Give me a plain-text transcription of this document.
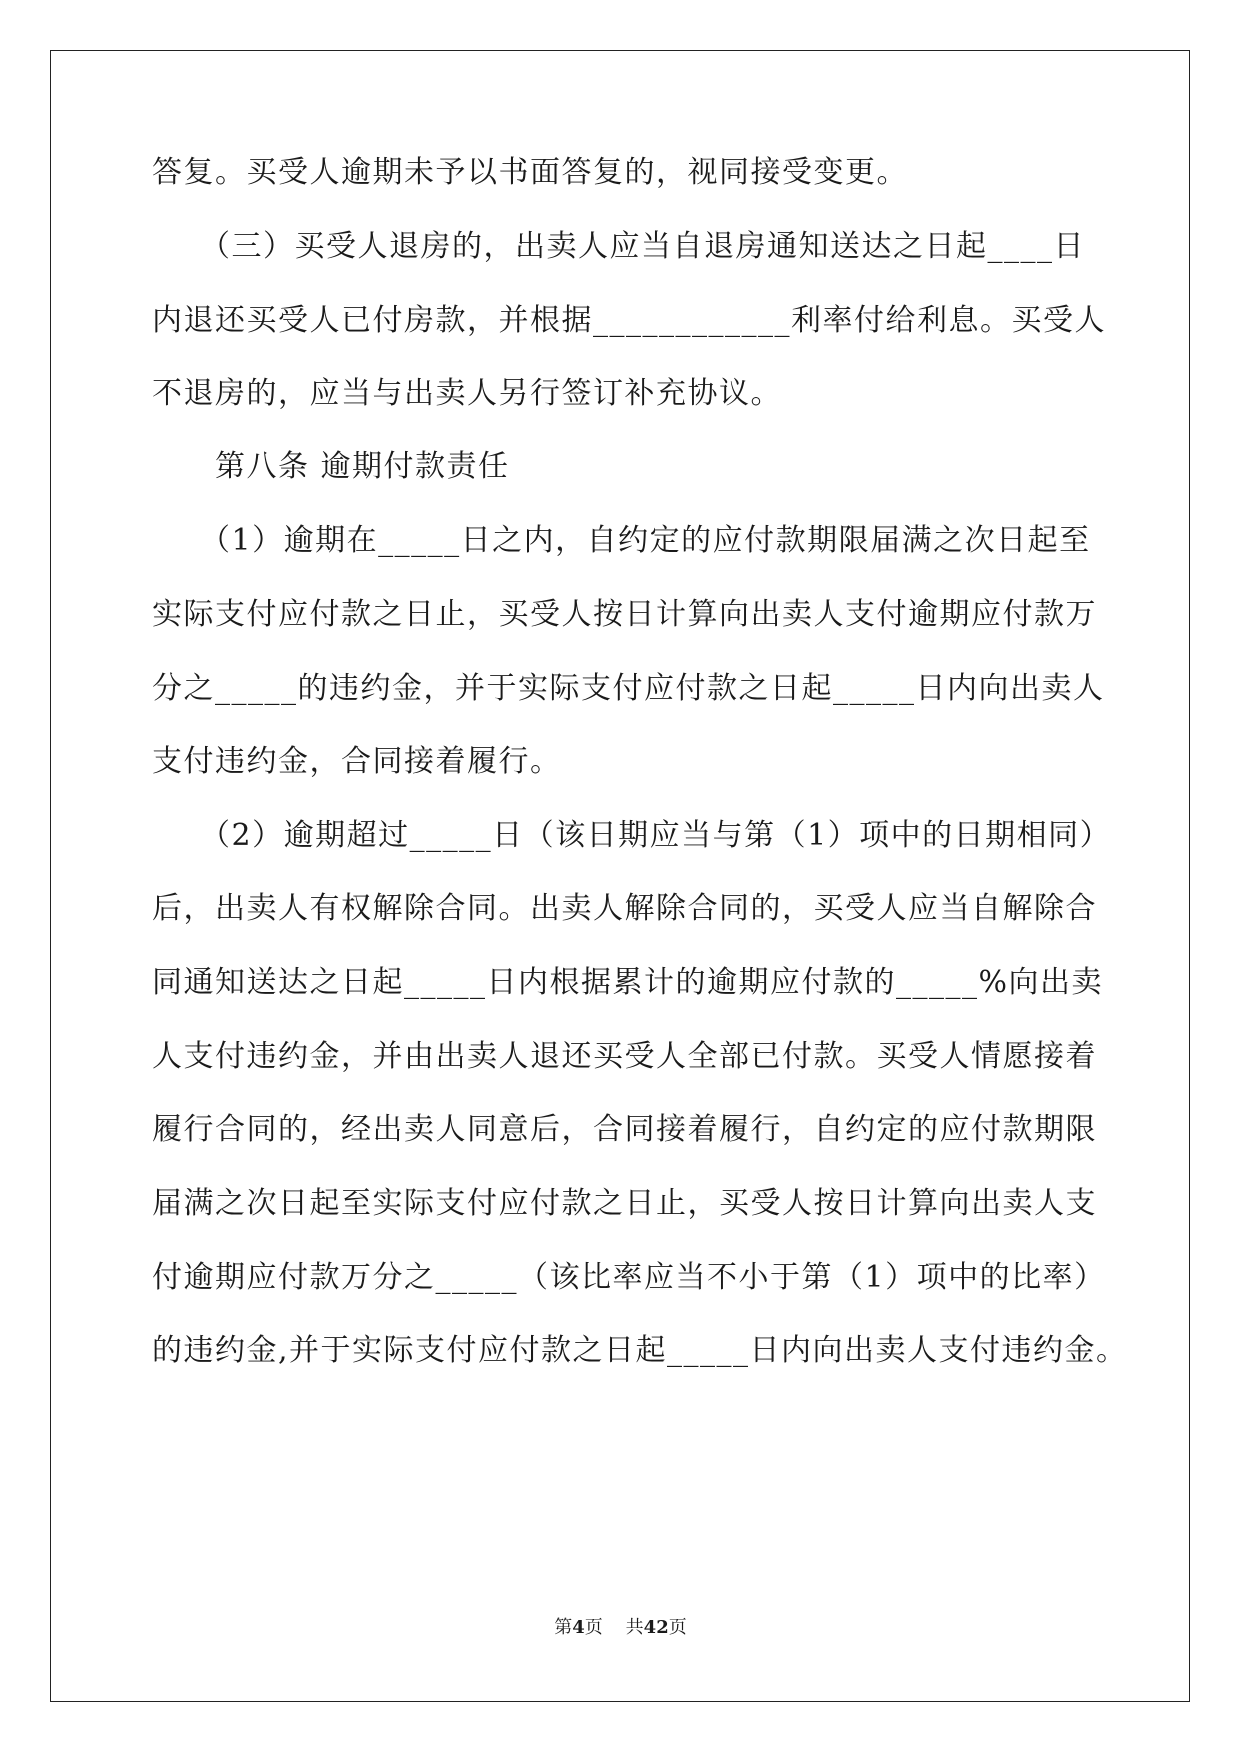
答复。买受人逾期未予以书面答复的，视同接受变更。
　　（三）买受人退房的，出卖人应当自退房通知送达之日起____日
内退还买受人已付房款，并根据____________利率付给利息。买受人
不退房的，应当与出卖人另行签订补充协议。
　　第八条 逾期付款责任
　　（1）逾期在_____日之内，自约定的应付款期限届满之次日起至
实际支付应付款之日止，买受人按日计算向出卖人支付逾期应付款万
分之_____的违约金，并于实际支付应付款之日起_____日内向出卖人
支付违约金，合同接着履行。
　　（2）逾期超过_____日（该日期应当与第（1）项中的日期相同）
后，出卖人有权解除合同。出卖人解除合同的，买受人应当自解除合
同通知送达之日起_____日内根据累计的逾期应付款的_____%向出卖
人支付违约金，并由出卖人退还买受人全部已付款。买受人情愿接着
履行合同的，经出卖人同意后，合同接着履行，自约定的应付款期限
届满之次日起至实际支付应付款之日止，买受人按日计算向出卖人支
付逾期应付款万分之_____（该比率应当不小于第（1）项中的比率）
的违约金,并于实际支付应付款之日起_____日内向出卖人支付违约金。
第4页 共42页
